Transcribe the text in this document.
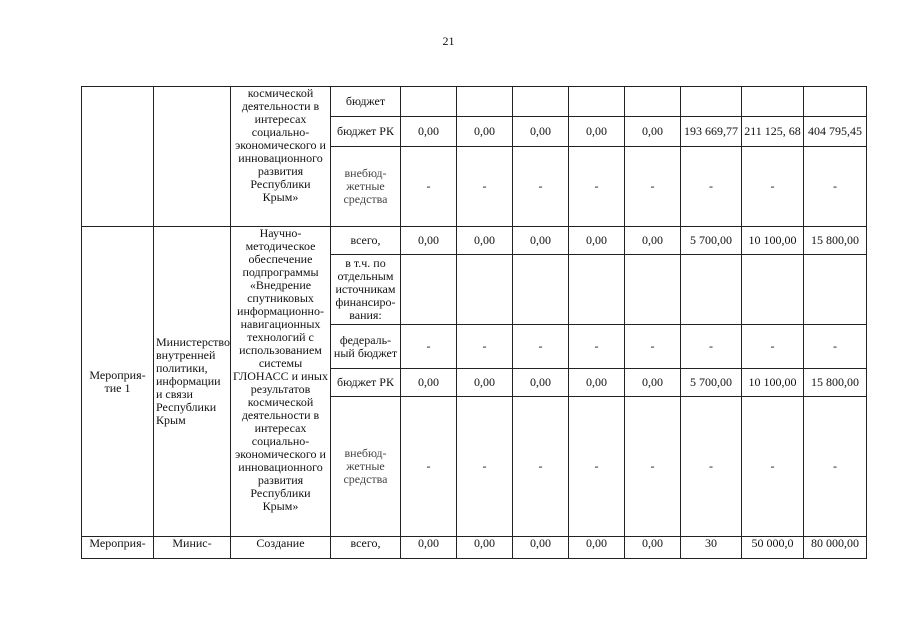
21
		космической деятельности в интересах социально-экономического и инновационного развития Республики Крым»	бюджет								
			бюджет РК	0,00	0,00	0,00	0,00	0,00	193 669,77	211 125, 68	404 795,45
			внебюд-жетные средства	-	-	-	-	-	-	-	-
Мероприя-тие 1	Министерство внутренней политики, информации и связи Республики Крым	Научно-методическое обеспечение подпрограммы «Внедрение спутниковых информационно-навигационных технологий с использованием системы ГЛОНАСС и иных результатов космической деятельности в интересах социально-экономического и инновационного развития Республики Крым»	всего,	0,00	0,00	0,00	0,00	0,00	5 700,00	10 100,00	15 800,00
			в т.ч. по отдельным источникам финансиро-вания:								
			федераль-ный бюджет	-	-	-	-	-	-	-	-
			бюджет РК	0,00	0,00	0,00	0,00	0,00	5 700,00	10 100,00	15 800,00
			внебюд-жетные средства	-	-	-	-	-	-	-	-
Мероприя-	Минис-	Создание	всего,	0,00	0,00	0,00	0,00	0,00	30	50 000,0	80 000,00
